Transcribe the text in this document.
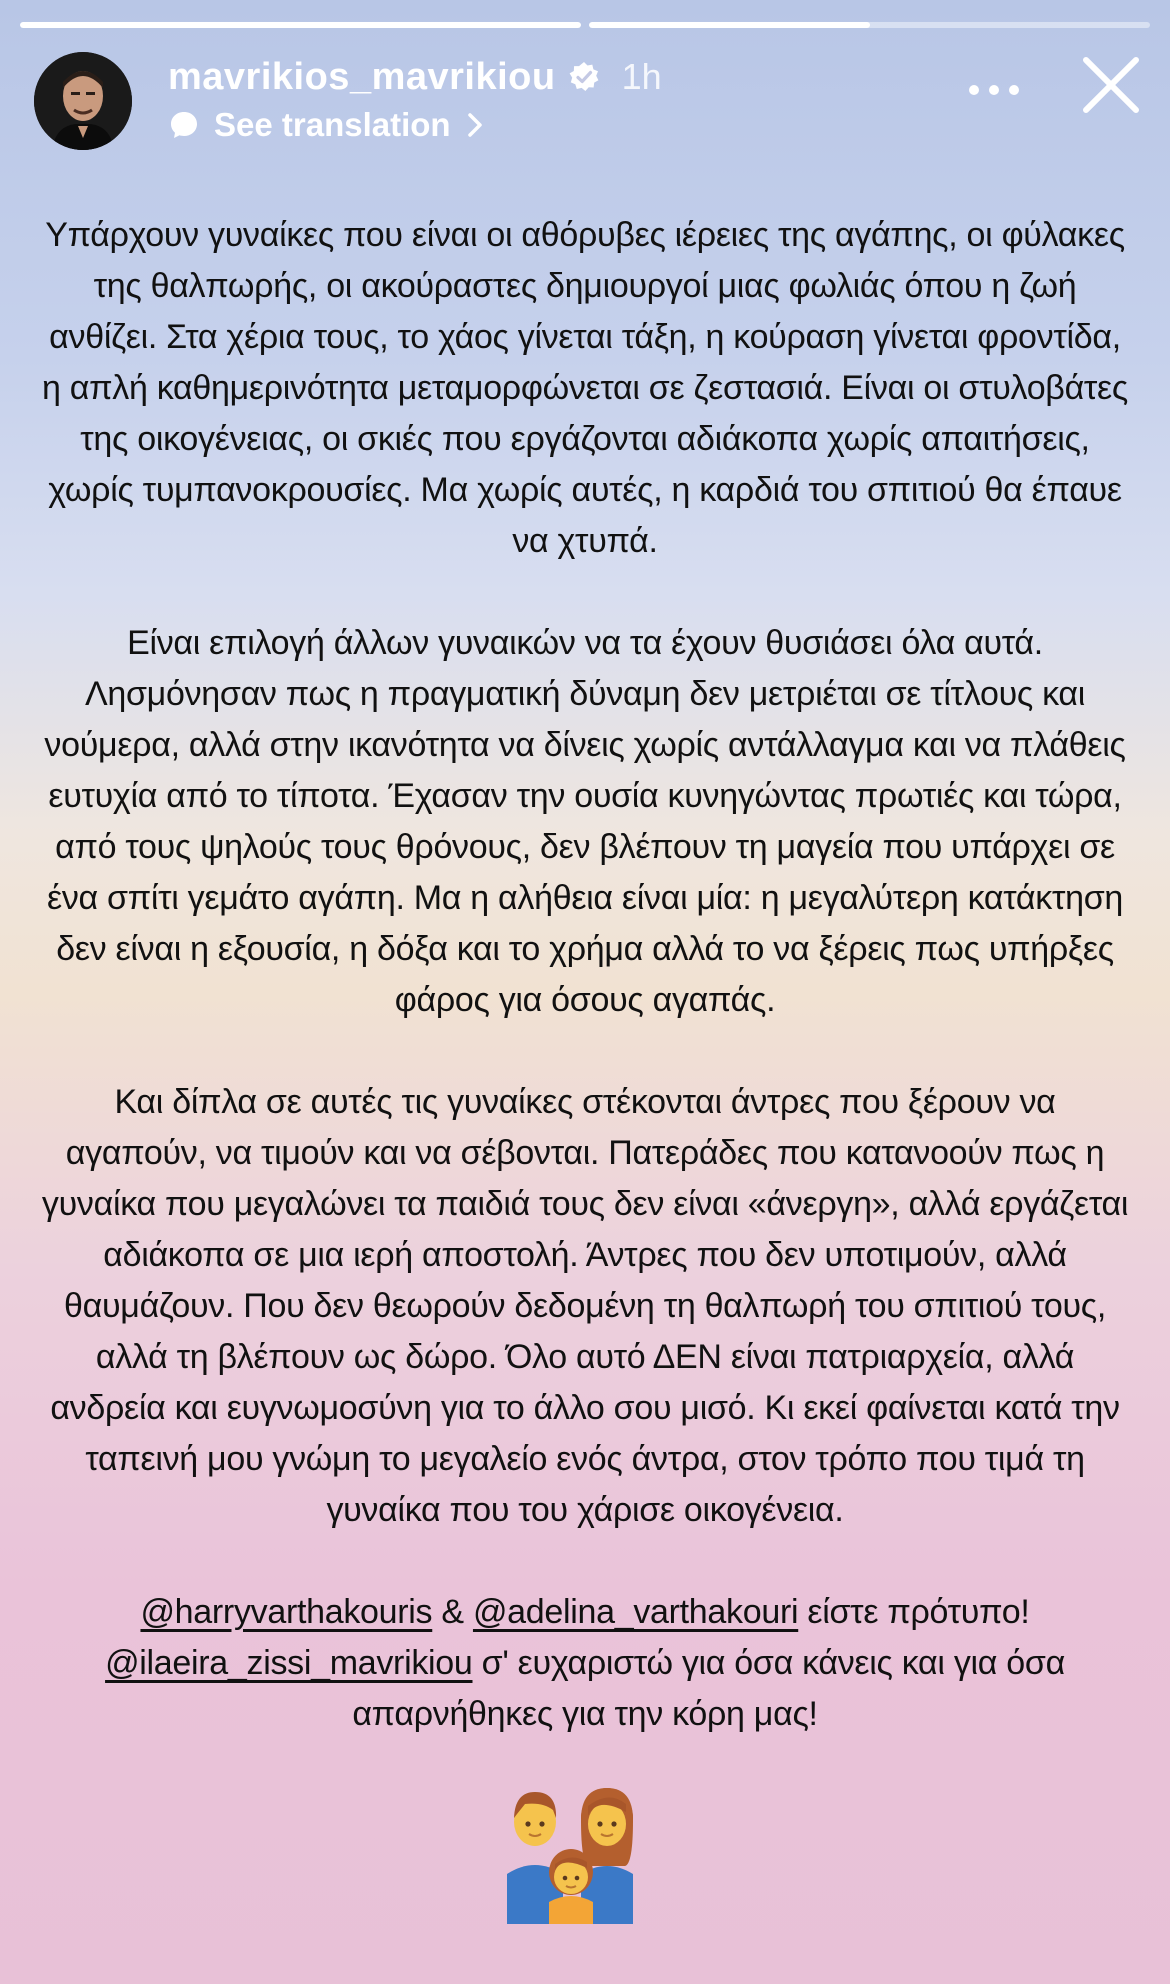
mavrikios_mavrikiou 1h
See translation

Υπάρχουν γυναίκες που είναι οι αθόρυβες ιέρειες της αγάπης, οι φύλακες της θαλπωρής, οι ακούραστες δημιουργοί μιας φωλιάς όπου η ζωή ανθίζει. Στα χέρια τους, το χάος γίνεται τάξη, η κούραση γίνεται φροντίδα, η απλή καθημερινότητα μεταμορφώνεται σε ζεστασιά. Είναι οι στυλοβάτες της οικογένειας, οι σκιές που εργάζονται αδιάκοπα χωρίς απαιτήσεις, χωρίς τυμπανοκρουσίες. Μα χωρίς αυτές, η καρδιά του σπιτιού θα έπαυε να χτυπά.

Είναι επιλογή άλλων γυναικών να τα έχουν θυσιάσει όλα αυτά. Λησμόνησαν πως η πραγματική δύναμη δεν μετριέται σε τίτλους και νούμερα, αλλά στην ικανότητα να δίνεις χωρίς αντάλλαγμα και να πλάθεις ευτυχία από το τίποτα. Έχασαν την ουσία κυνηγώντας πρωτιές και τώρα, από τους ψηλούς τους θρόνους, δεν βλέπουν τη μαγεία που υπάρχει σε ένα σπίτι γεμάτο αγάπη. Μα η αλήθεια είναι μία: η μεγαλύτερη κατάκτηση δεν είναι η εξουσία, η δόξα και το χρήμα αλλά το να ξέρεις πως υπήρξες φάρος για όσους αγαπάς.

Και δίπλα σε αυτές τις γυναίκες στέκονται άντρες που ξέρουν να αγαπούν, να τιμούν και να σέβονται. Πατεράδες που κατανοούν πως η γυναίκα που μεγαλώνει τα παιδιά τους δεν είναι «άνεργη», αλλά εργάζεται αδιάκοπα σε μια ιερή αποστολή. Άντρες που δεν υποτιμούν, αλλά θαυμάζουν. Που δεν θεωρούν δεδομένη τη θαλπωρή του σπιτιού τους, αλλά τη βλέπουν ως δώρο. Όλο αυτό ΔΕΝ είναι πατριαρχεία, αλλά ανδρεία και ευγνωμοσύνη για το άλλο σου μισό. Κι εκεί φαίνεται κατά την ταπεινή μου γνώμη το μεγαλείο ενός άντρα, στον τρόπο που τιμά τη γυναίκα που του χάρισε οικογένεια.

@harryvarthakouris & @adelina_varthakouri είστε πρότυπο!
@ilaeira_zissi_mavrikiou σ' ευχαριστώ για όσα κάνεις και για όσα απαρνήθηκες για την κόρη μας!
